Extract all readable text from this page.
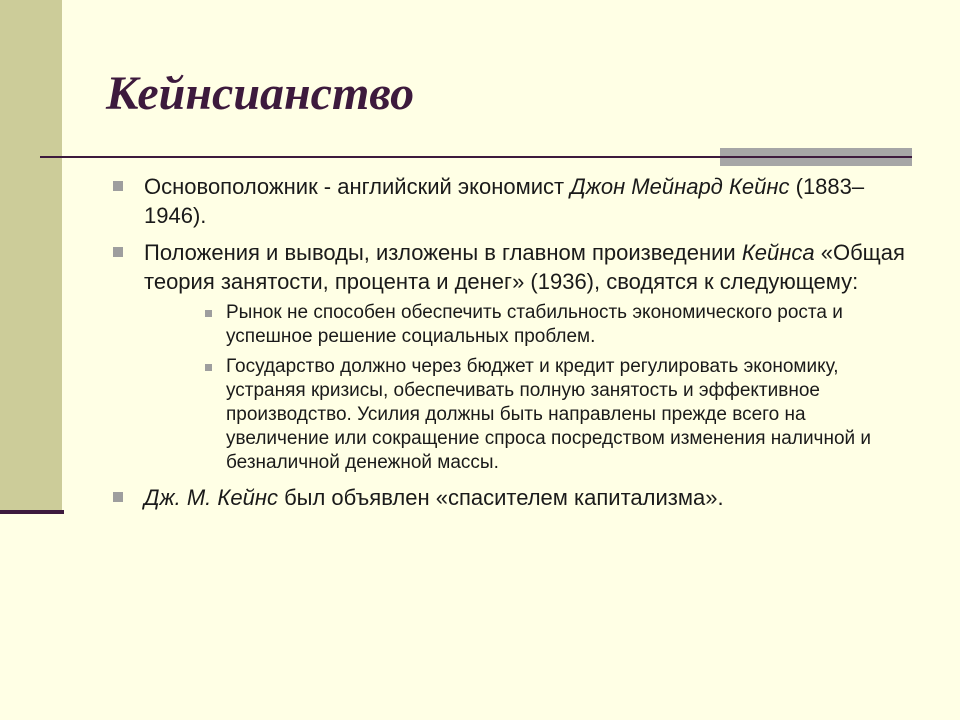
Кейнсианство
Основоположник - английский экономист Джон Мейнард Кейнс (1883–1946).
Положения и выводы, изложены в главном произведении Кейнса «Общая теория занятости, процента и денег» (1936), сводятся к следующему:
Рынок не способен обеспечить стабильность экономического роста и успешное решение социальных проблем.
Государство должно через бюджет и кредит регулировать экономику, устраняя кризисы, обеспечивать полную занятость и эффективное производство. Усилия должны быть направлены прежде всего на увеличение или сокращение спроса посредством изменения наличной и безналичной денежной массы.
Дж. М. Кейнс был объявлен «спасителем капитализма».
